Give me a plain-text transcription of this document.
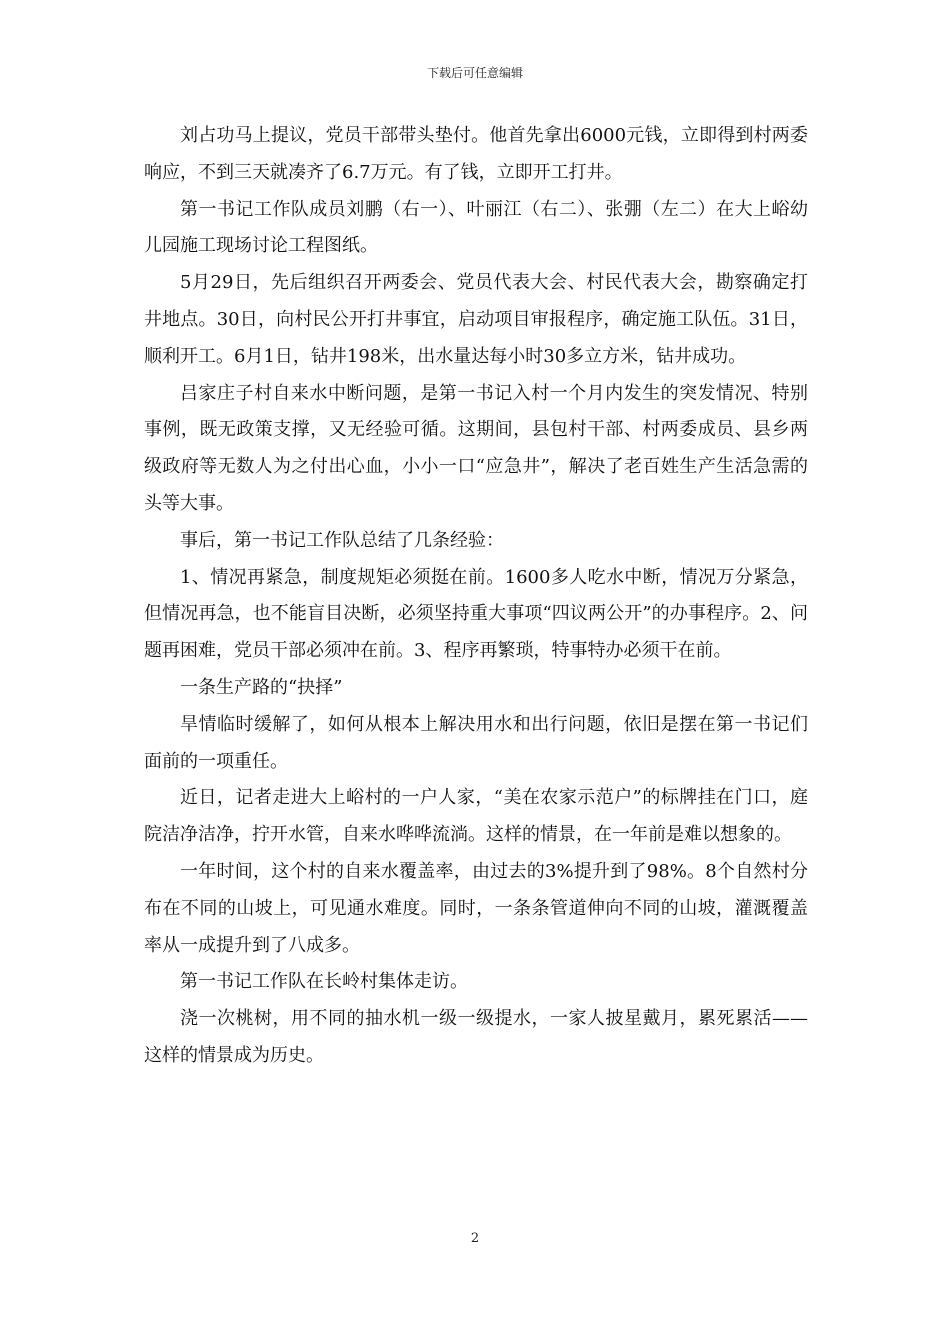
下载后可任意编辑

刘占功马上提议，党员干部带头垫付。他首先拿出6000元钱，立即得到村两委响应，不到三天就凑齐了6.7万元。有了钱，立即开工打井。

第一书记工作队成员刘鹏（右一）、叶丽江（右二）、张弸（左二）在大上峪幼儿园施工现场讨论工程图纸。

5月29日，先后组织召开两委会、党员代表大会、村民代表大会，勘察确定打井地点。30日，向村民公开打井事宜，启动项目审报程序，确定施工队伍。31日，顺利开工。6月1日，钻井198米，出水量达每小时30多立方米，钻井成功。

吕家庄子村自来水中断问题，是第一书记入村一个月内发生的突发情况、特别事例，既无政策支撑，又无经验可循。这期间，县包村干部、村两委成员、县乡两级政府等无数人为之付出心血，小小一口“应急井”，解决了老百姓生产生活急需的头等大事。

事后，第一书记工作队总结了几条经验：

1、情况再紧急，制度规矩必须挺在前。1600多人吃水中断，情况万分紧急，但情况再急，也不能盲目决断，必须坚持重大事项“四议两公开”的办事程序。2、问题再困难，党员干部必须冲在前。3、程序再繁琐，特事特办必须干在前。

一条生产路的“抉择”

旱情临时缓解了，如何从根本上解决用水和出行问题，依旧是摆在第一书记们面前的一项重任。

近日，记者走进大上峪村的一户人家，“美在农家示范户”的标牌挂在门口，庭院洁净洁净，拧开水管，自来水哗哗流淌。这样的情景，在一年前是难以想象的。

一年时间，这个村的自来水覆盖率，由过去的3%提升到了98%。8个自然村分布在不同的山坡上，可见通水难度。同时，一条条管道伸向不同的山坡，灌溉覆盖率从一成提升到了八成多。

第一书记工作队在长岭村集体走访。

浇一次桃树，用不同的抽水机一级一级提水，一家人披星戴月，累死累活——这样的情景成为历史。

2
